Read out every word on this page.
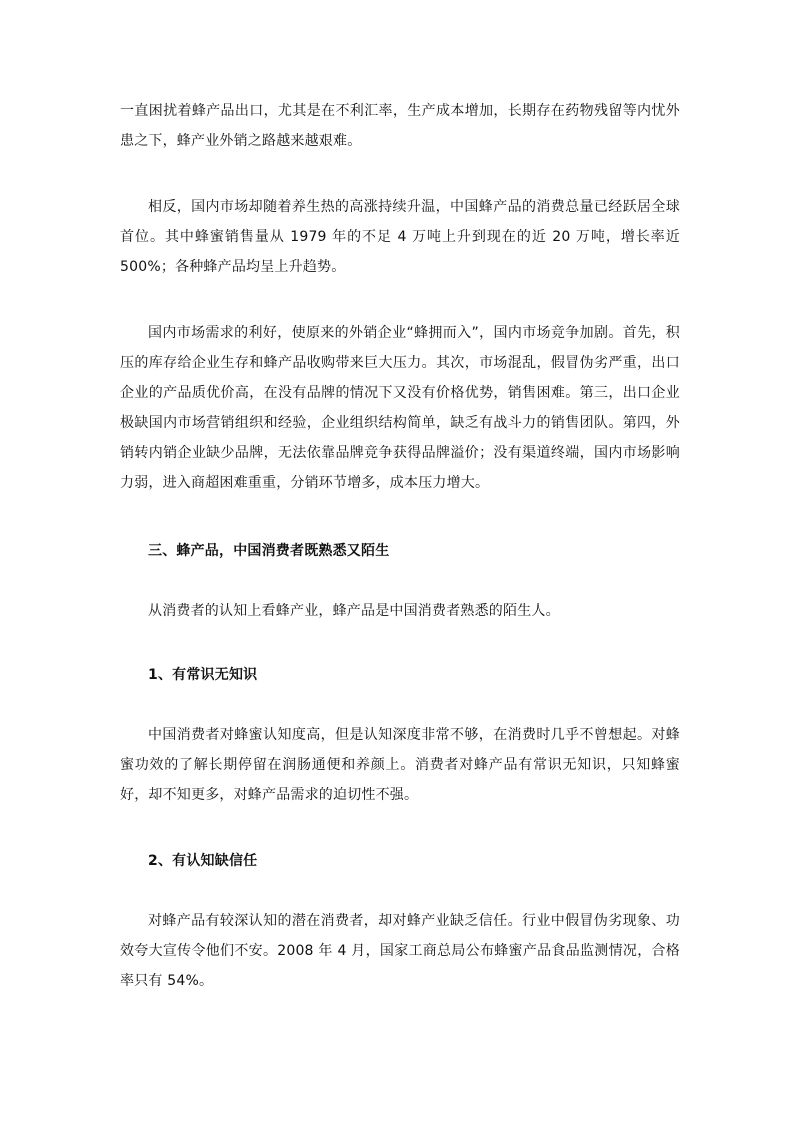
一直困扰着蜂产品出口，尤其是在不利汇率，生产成本增加，长期存在药物残留等内忧外患之下，蜂产业外销之路越来越艰难。

相反，国内市场却随着养生热的高涨持续升温，中国蜂产品的消费总量已经跃居全球首位。其中蜂蜜销售量从 1979 年的不足 4 万吨上升到现在的近 20 万吨，增长率近 500%；各种蜂产品均呈上升趋势。

国内市场需求的利好，使原来的外销企业“蜂拥而入”，国内市场竞争加剧。首先，积压的库存给企业生存和蜂产品收购带来巨大压力。其次，市场混乱，假冒伪劣严重，出口企业的产品质优价高，在没有品牌的情况下又没有价格优势，销售困难。第三，出口企业极缺国内市场营销组织和经验，企业组织结构简单，缺乏有战斗力的销售团队。第四，外销转内销企业缺少品牌，无法依靠品牌竞争获得品牌溢价；没有渠道终端，国内市场影响力弱，进入商超困难重重，分销环节增多，成本压力增大。

三、蜂产品，中国消费者既熟悉又陌生

从消费者的认知上看蜂产业，蜂产品是中国消费者熟悉的陌生人。

1、有常识无知识

中国消费者对蜂蜜认知度高，但是认知深度非常不够，在消费时几乎不曾想起。对蜂蜜功效的了解长期停留在润肠通便和养颜上。消费者对蜂产品有常识无知识，只知蜂蜜好，却不知更多，对蜂产品需求的迫切性不强。

2、有认知缺信任

对蜂产品有较深认知的潜在消费者，却对蜂产业缺乏信任。行业中假冒伪劣现象、功效夸大宣传令他们不安。2008 年 4 月，国家工商总局公布蜂蜜产品食品监测情况，合格率只有 54%。
